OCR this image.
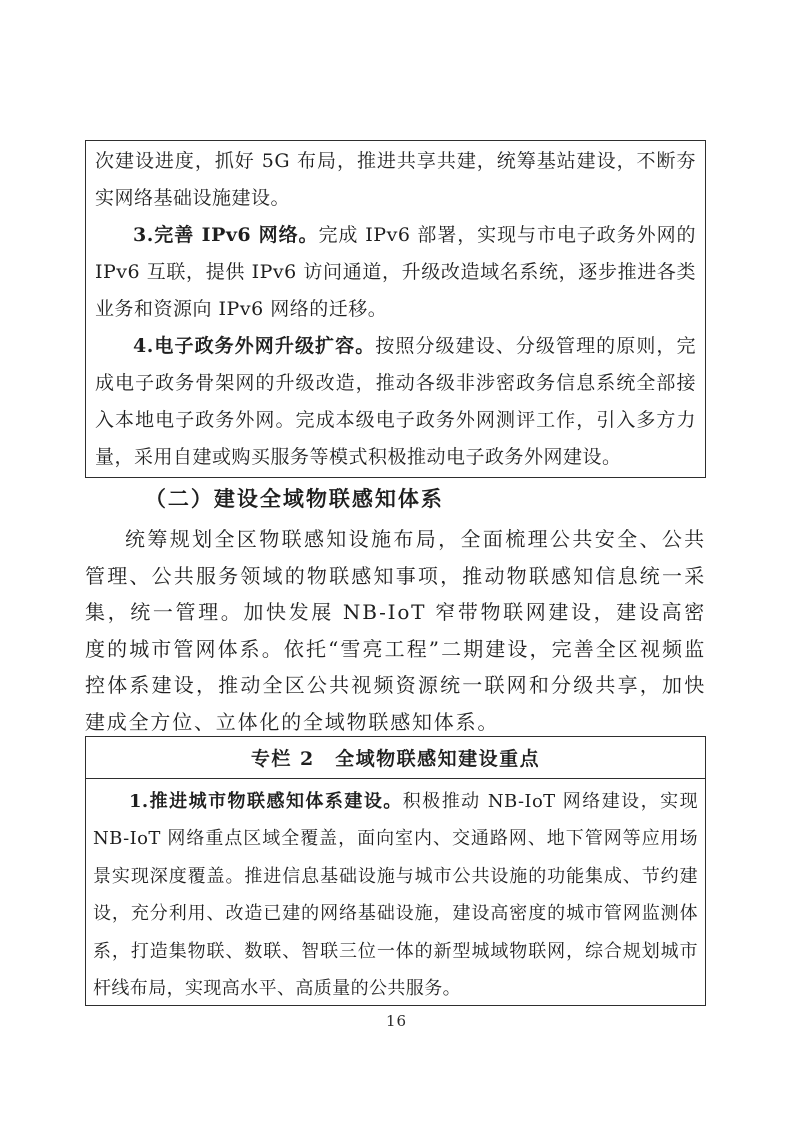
次建设进度，抓好 5G 布局，推进共享共建，统筹基站建设，不断夯实网络基础设施建设。

3.完善 IPv6 网络。完成 IPv6 部署，实现与市电子政务外网的 IPv6 互联，提供 IPv6 访问通道，升级改造域名系统，逐步推进各类业务和资源向 IPv6 网络的迁移。

4.电子政务外网升级扩容。按照分级建设、分级管理的原则，完成电子政务骨架网的升级改造，推动各级非涉密政务信息系统全部接入本地电子政务外网。完成本级电子政务外网测评工作，引入多方力量，采用自建或购买服务等模式积极推动电子政务外网建设。

（二）建设全域物联感知体系

统筹规划全区物联感知设施布局，全面梳理公共安全、公共管理、公共服务领域的物联感知事项，推动物联感知信息统一采集，统一管理。加快发展 NB-IoT 窄带物联网建设，建设高密度的城市管网体系。依托“雪亮工程”二期建设，完善全区视频监控体系建设，推动全区公共视频资源统一联网和分级共享，加快建成全方位、立体化的全域物联感知体系。

专栏 2　全域物联感知建设重点

1.推进城市物联感知体系建设。积极推动 NB-IoT 网络建设，实现 NB-IoT 网络重点区域全覆盖，面向室内、交通路网、地下管网等应用场景实现深度覆盖。推进信息基础设施与城市公共设施的功能集成、节约建设，充分利用、改造已建的网络基础设施，建设高密度的城市管网监测体系，打造集物联、数联、智联三位一体的新型城域物联网，综合规划城市杆线布局，实现高水平、高质量的公共服务。

16
